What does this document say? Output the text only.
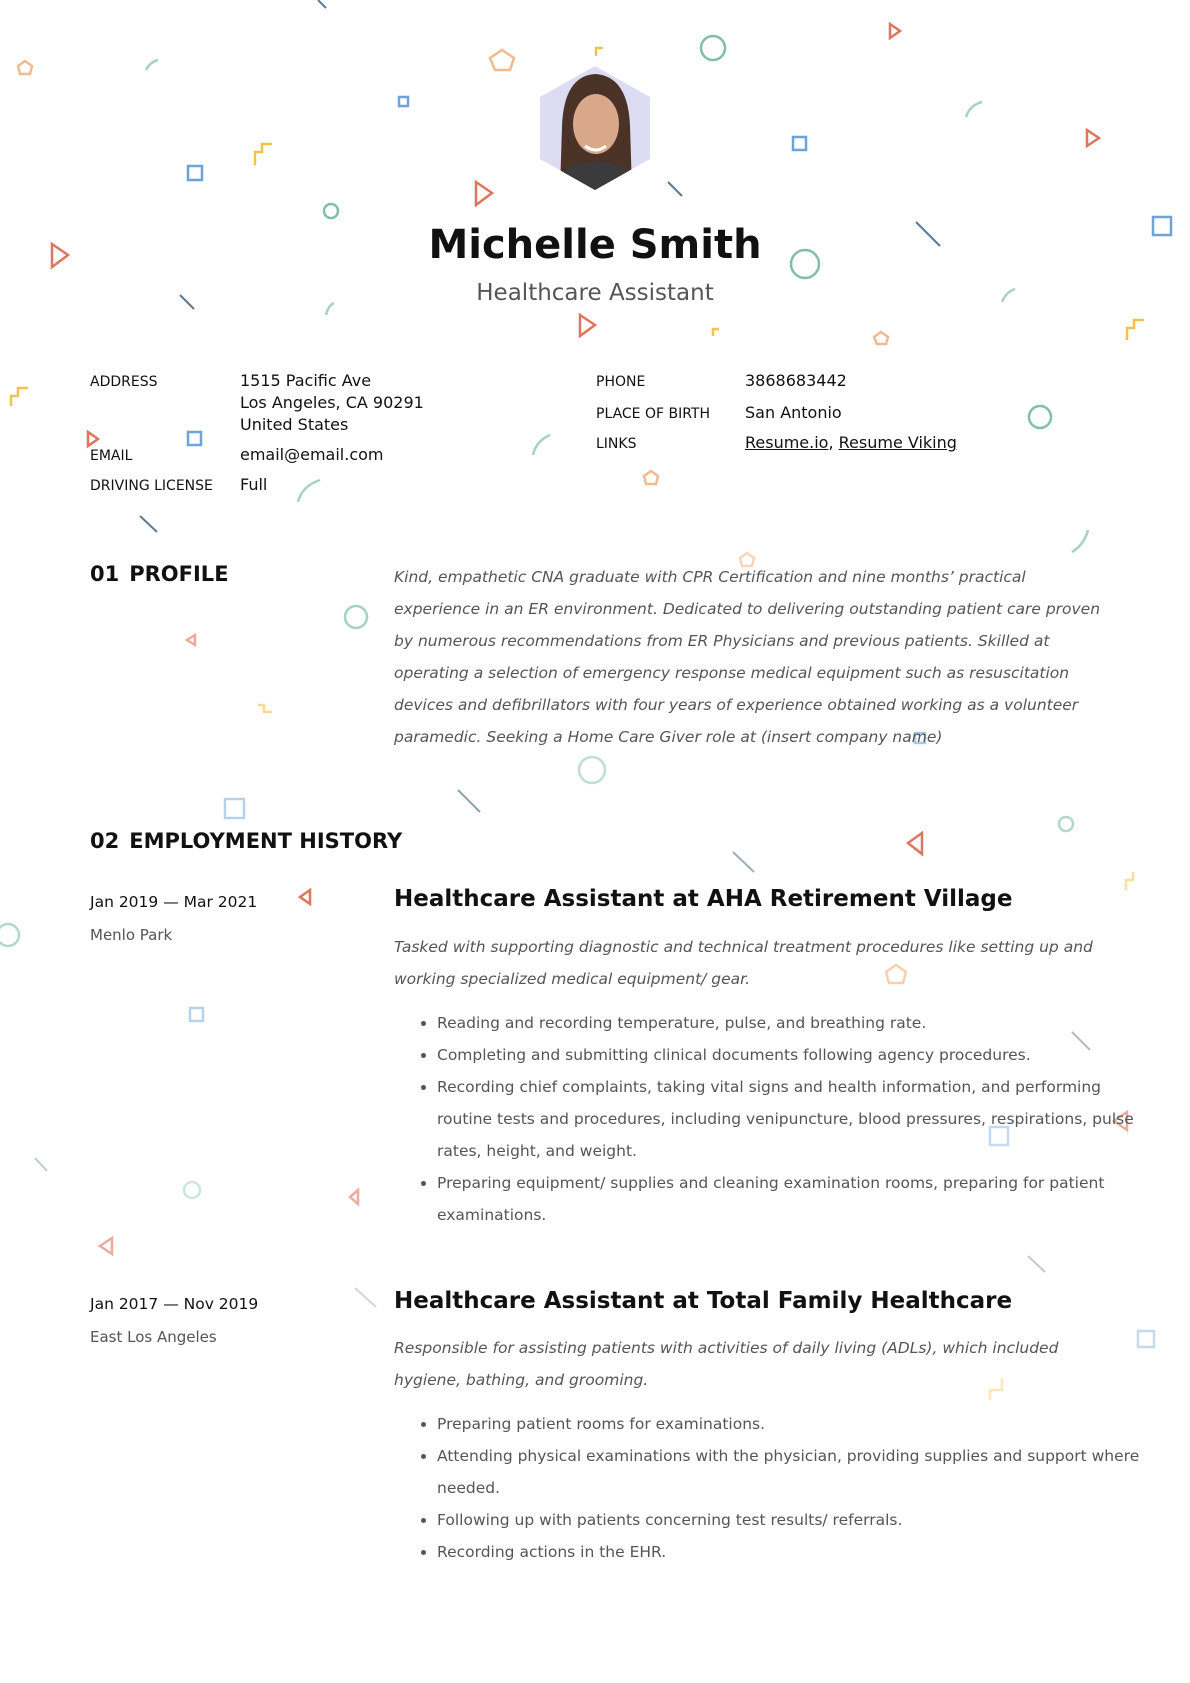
Michelle Smith
Healthcare Assistant
ADDRESS	1515 Pacific Ave
Los Angeles, CA 90291
United States
EMAIL	email@email.com
DRIVING LICENSE Full
PHONE	3868683442
PLACE OF BIRTH San Antonio
LINKS	Resume.io, Resume Viking
01 PROFILE	Kind, empathetic CNA graduate with CPR Certification and nine months’ practical experience in an ER environment. Dedicated to delivering outstanding patient care proven by numerous recommendations from ER Physicians and previous patients. Skilled at operating a selection of emergency response medical equipment such as resuscitation devices and defibrillators with four years of experience obtained working as a volunteer paramedic. Seeking a Home Care Giver role at (insert company name)
02 EMPLOYMENT HISTORY
Jan 2019 — Mar 2021
Menlo Park
Healthcare Assistant at AHA Retirement Village
Tasked with supporting diagnostic and technical treatment procedures like setting up and working specialized medical equipment/ gear.
• Reading and recording temperature, pulse, and breathing rate.
• Completing and submitting clinical documents following agency procedures.
• Recording chief complaints, taking vital signs and health information, and performing routine tests and procedures, including venipuncture, blood pressures, respirations, pulse rates, height, and weight.
• Preparing equipment/ supplies and cleaning examination rooms, preparing for patient examinations.
Jan 2017 — Nov 2019
East Los Angeles
Healthcare Assistant at Total Family Healthcare
Responsible for assisting patients with activities of daily living (ADLs), which included hygiene, bathing, and grooming.
• Preparing patient rooms for examinations.
• Attending physical examinations with the physician, providing supplies and support where needed.
• Following up with patients concerning test results/ referrals.
• Recording actions in the EHR.
